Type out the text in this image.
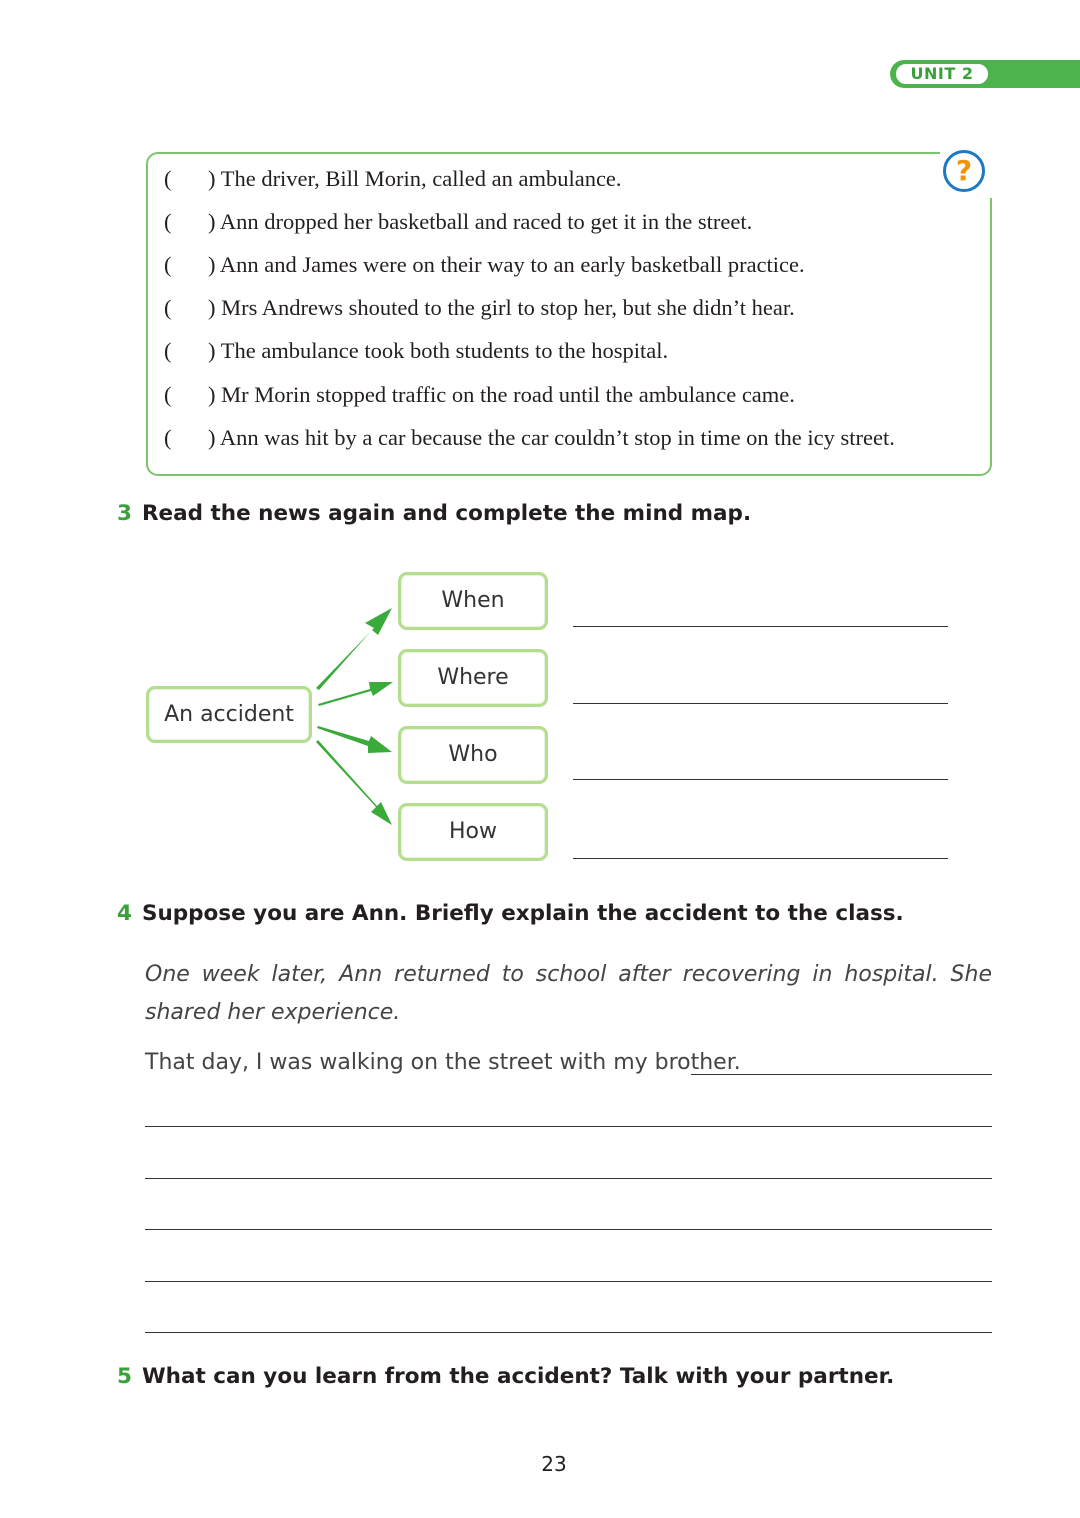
UNIT 2
?
( ) The driver, Bill Morin, called an ambulance.
( ) Ann dropped her basketball and raced to get it in the street.
( ) Ann and James were on their way to an early basketball practice.
( ) Mrs Andrews shouted to the girl to stop her, but she didn’t hear.
( ) The ambulance took both students to the hospital.
( ) Mr Morin stopped traffic on the road until the ambulance came.
( ) Ann was hit by a car because the car couldn’t stop in time on the icy street.
3 Read the news again and complete the mind map.
An accident
When
Where
Who
How
4 Suppose you are Ann. Briefly explain the accident to the class.
One week later, Ann returned to school after recovering in hospital. She shared her experience.
That day, I was walking on the street with my brother.
5 What can you learn from the accident? Talk with your partner.
23
